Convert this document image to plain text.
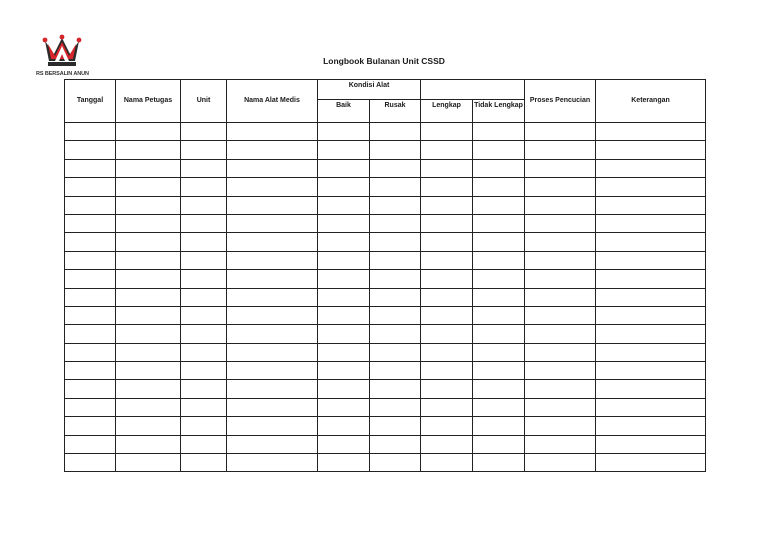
RS BERSALIN ANUN
Longbook Bulanan Unit CSSD
Tanggal	Nama Petugas	Unit	Nama Alat Medis	Kondisi Alat				Proses Pencucian	Keterangan

				Baik	Rusak	Lengkap	Tidak Lengkap		
